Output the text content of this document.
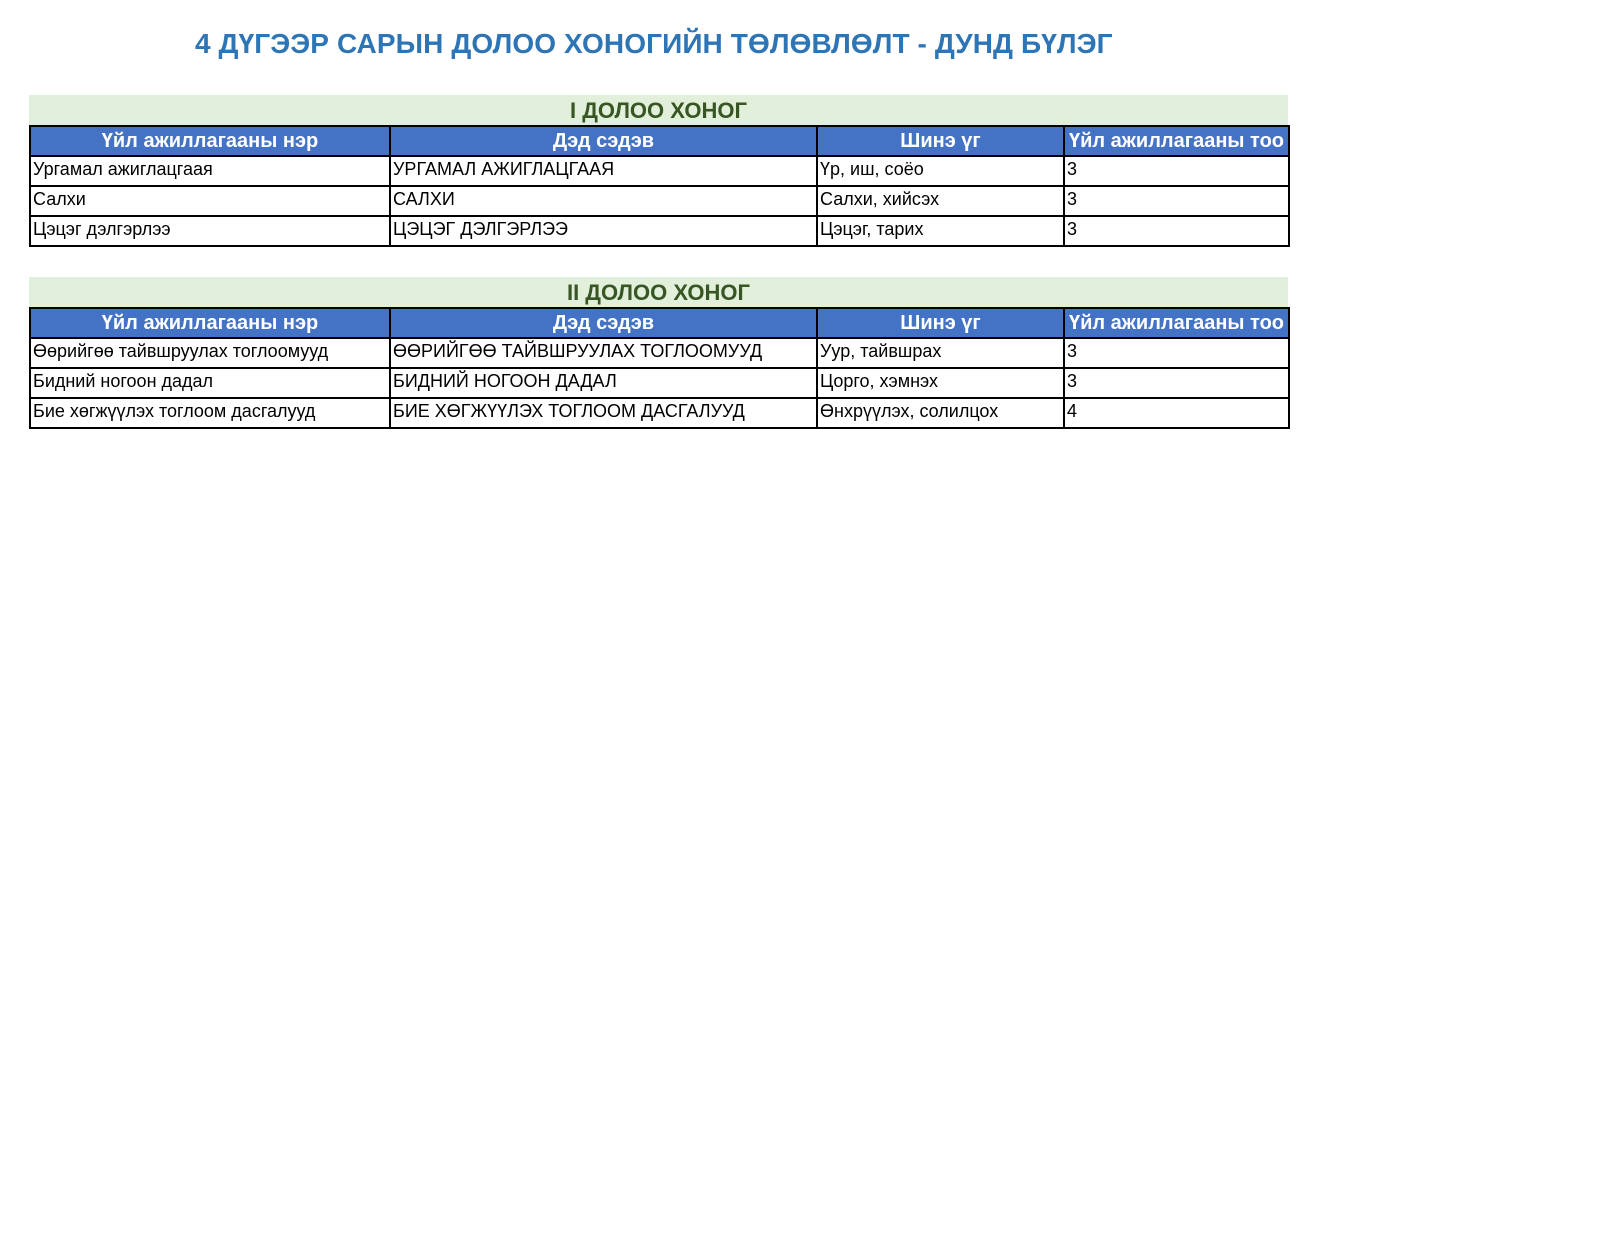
4 ДҮГЭЭР САРЫН ДОЛОО ХОНОГИЙН ТӨЛӨВЛӨЛТ - ДУНД БҮЛЭГ
I ДОЛОО ХОНОГ
Үйл ажиллагааны нэр	Дэд сэдэв	Шинэ үг	Үйл ажиллагааны тоо
Ургамал ажиглацгаая	УРГАМАЛ АЖИГЛАЦГААЯ	Үр, иш, соёо	3
Салхи	САЛХИ	Салхи, хийсэх	3
Цэцэг дэлгэрлээ	ЦЭЦЭГ ДЭЛГЭРЛЭЭ	Цэцэг, тарих	3
II ДОЛОО ХОНОГ
Үйл ажиллагааны нэр	Дэд сэдэв	Шинэ үг	Үйл ажиллагааны тоо
Өөрийгөө тайвшруулах тоглоомууд	ӨӨРИЙГӨӨ ТАЙВШРУУЛАХ ТОГЛООМУУД	Уур, тайвшрах	3
Бидний ногоон дадал	БИДНИЙ НОГООН ДАДАЛ	Цорго, хэмнэх	3
Бие хөгжүүлэх тоглоом дасгалууд	БИЕ ХӨГЖҮҮЛЭХ ТОГЛООМ ДАСГАЛУУД	Өнхрүүлэх, солилцох	4
